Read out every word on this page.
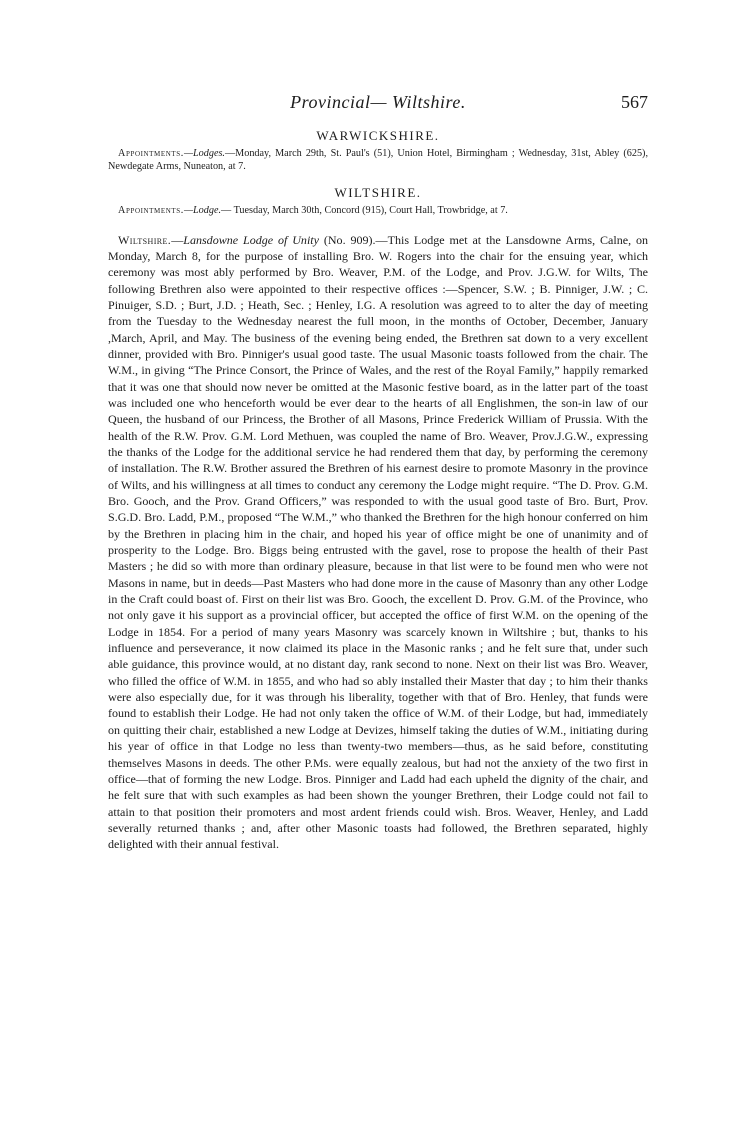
Provincial— Wiltshire.	567
WARWICKSHIRE.

Appointments.—Lodges.—Monday, March 29th, St. Paul's (51), Union Hotel, Birmingham ; Wednesday, 31st, Abley (625), Newdegate Arms, Nuneaton, at 7.

WILTSHIRE.

Appointments.—Lodge.— Tuesday, March 30th, Concord (915), Court Hall, Trowbridge, at 7.

Wiltshire.—Lansdowne Lodge of Unity (No. 909).—This Lodge met at the Lansdowne Arms, Calne, on Monday, March 8, for the purpose of installing Bro. W. Rogers into the chair for the ensuing year, which ceremony was most ably performed by Bro. Weaver, P.M. of the Lodge, and Prov. J.G.W. for Wilts, The following Brethren also were appointed to their respective offices :—Spencer, S.W. ; B. Pinniger, J.W. ; C. Pinuiger, S.D. ; Burt, J.D. ; Heath, Sec. ; Henley, I.G. A resolution was agreed to to alter the day of meeting from the Tuesday to the Wednesday nearest the full moon, in the months of October, December, January ,March, April, and May. The business of the evening being ended, the Brethren sat down to a very excellent dinner, provided with Bro. Pinniger's usual good taste. The usual Masonic toasts followed from the chair. The W.M., in giving “The Prince Consort, the Prince of Wales, and the rest of the Royal Family,” happily remarked that it was one that should now never be omitted at the Masonic festive board, as in the latter part of the toast was included one who henceforth would be ever dear to the hearts of all Englishmen, the son-in law of our Queen, the husband of our Princess, the Brother of all Masons, Prince Frederick William of Prussia. With the health of the R.W. Prov. G.M. Lord Methuen, was coupled the name of Bro. Weaver, Prov.J.G.W., expressing the thanks of the Lodge for the additional service he had rendered them that day, by performing the ceremony of installation. The R.W. Brother assured the Brethren of his earnest desire to promote Masonry in the province of Wilts, and his willingness at all times to conduct any ceremony the Lodge might require. “The D. Prov. G.M. Bro. Gooch, and the Prov. Grand Officers,” was responded to with the usual good taste of Bro. Burt, Prov. S.G.D. Bro. Ladd, P.M., proposed “The W.M.,” who thanked the Brethren for the high honour conferred on him by the Brethren in placing him in the chair, and hoped his year of office might be one of unanimity and of prosperity to the Lodge. Bro. Biggs being entrusted with the gavel, rose to propose the health of their Past Masters ; he did so with more than ordinary pleasure, because in that list were to be found men who were not Masons in name, but in deeds—Past Masters who had done more in the cause of Masonry than any other Lodge in the Craft could boast of. First on their list was Bro. Gooch, the excellent D. Prov. G.M. of the Province, who not only gave it his support as a provincial officer, but accepted the office of first W.M. on the opening of the Lodge in 1854. For a period of many years Masonry was scarcely known in Wiltshire ; but, thanks to his influence and perseverance, it now claimed its place in the Masonic ranks ; and he felt sure that, under such able guidance, this province would, at no distant day, rank second to none. Next on their list was Bro. Weaver, who filled the office of W.M. in 1855, and who had so ably installed their Master that day ; to him their thanks were also especially due, for it was through his liberality, together with that of Bro. Henley, that funds were found to establish their Lodge. He had not only taken the office of W.M. of their Lodge, but had, immediately on quitting their chair, established a new Lodge at Devizes, himself taking the duties of W.M., initiating during his year of office in that Lodge no less than twenty-two members—thus, as he said before, constituting themselves Masons in deeds. The other P.Ms. were equally zealous, but had not the anxiety of the two first in office—that of forming the new Lodge. Bros. Pinniger and Ladd had each upheld the dignity of the chair, and he felt sure that with such examples as had been shown the younger Brethren, their Lodge could not fail to attain to that position their promoters and most ardent friends could wish. Bros. Weaver, Henley, and Ladd severally returned thanks ; and, after other Masonic toasts had followed, the Brethren separated, highly delighted with their annual festival.
